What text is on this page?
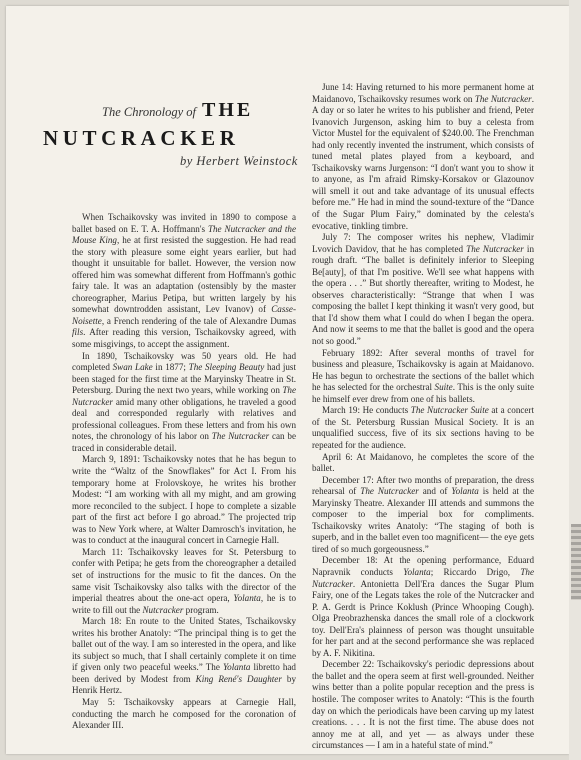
The Chronology of THE
NUTCRACKER
by Herbert Weinstock

When Tschaikovsky was invited in 1890 to compose a ballet based on E. T. A. Hoffmann's The Nutcracker and the Mouse King, he at first resisted the suggestion. He had read the story with pleasure some eight years earlier, but had thought it unsuitable for ballet. However, the version now offered him was somewhat different from Hoffmann's gothic fairy tale. It was an adaptation (ostensibly by the master choreographer, Marius Petipa, but written largely by his somewhat downtrodden assistant, Lev Ivanov) of Casse-Noisette, a French rendering of the tale of Alexandre Dumas fils. After reading this version, Tschaikovsky agreed, with some misgivings, to accept the assignment.

In 1890, Tschaikovsky was 50 years old. He had completed Swan Lake in 1877; The Sleeping Beauty had just been staged for the first time at the Maryinsky Theatre in St. Petersburg. During the next two years, while working on The Nutcracker amid many other obligations, he traveled a good deal and corresponded regularly with relatives and professional colleagues. From these letters and from his own notes, the chronology of his labor on The Nutcracker can be traced in considerable detail.

March 9, 1891: Tschaikovsky notes that he has begun to write the “Waltz of the Snowflakes” for Act I. From his temporary home at Frolovskoye, he writes his brother Modest: “I am working with all my might, and am growing more reconciled to the subject. I hope to complete a sizable part of the first act before I go abroad.” The projected trip was to New York where, at Walter Damrosch's invitation, he was to conduct at the inaugural concert in Carnegie Hall.

March 11: Tschaikovsky leaves for St. Petersburg to confer with Petipa; he gets from the choreographer a detailed set of instructions for the music to fit the dances. On the same visit Tschaikovsky also talks with the director of the imperial theatres about the one-act opera, Yolanta, he is to write to fill out the Nutcracker program.

March 18: En route to the United States, Tschaikovsky writes his brother Anatoly: “The principal thing is to get the ballet out of the way. I am so interested in the opera, and like its subject so much, that I shall certainly complete it on time if given only two peaceful weeks.” The Yolanta libretto had been derived by Modest from King René's Daughter by Henrik Hertz.

May 5: Tschaikovsky appears at Carnegie Hall, conducting the march he composed for the coronation of Alexander III.

June 14: Having returned to his more permanent home at Maidanovo, Tschaikovsky resumes work on The Nutcracker. A day or so later he writes to his publisher and friend, Peter Ivanovich Jurgenson, asking him to buy a celesta from Victor Mustel for the equivalent of $240.00. The Frenchman had only recently invented the instrument, which consists of tuned metal plates played from a keyboard, and Tschaikovsky warns Jurgenson: “I don't want you to show it to anyone, as I'm afraid Rimsky-Korsakov or Glazounov will smell it out and take advantage of its unusual effects before me.” He had in mind the sound-texture of the “Dance of the Sugar Plum Fairy,” dominated by the celesta's evocative, tinkling timbre.

July 7: The composer writes his nephew, Vladimir Lvovich Davidov, that he has completed The Nutcracker in rough draft. “The ballet is definitely inferior to Sleeping Be[auty], of that I'm positive. We'll see what happens with the opera . . .” But shortly thereafter, writing to Modest, he observes characteristically: “Strange that when I was composing the ballet I kept thinking it wasn't very good, but that I'd show them what I could do when I began the opera. And now it seems to me that the ballet is good and the opera not so good.”

February 1892: After several months of travel for business and pleasure, Tschaikovsky is again at Maidanovo. He has begun to orchestrate the sections of the ballet which he has selected for the orchestral Suite. This is the only suite he himself ever drew from one of his ballets.

March 19: He conducts The Nutcracker Suite at a concert of the St. Petersburg Russian Musical Society. It is an unqualified success, five of its six sections having to be repeated for the audience.

April 6: At Maidanovo, he completes the score of the ballet.

December 17: After two months of preparation, the dress rehearsal of The Nutcracker and of Yolanta is held at the Maryinsky Theatre. Alexander III attends and summons the composer to the imperial box for compliments. Tschaikovsky writes Anatoly: “The staging of both is superb, and in the ballet even too magnificent— the eye gets tired of so much gorgeousness.”

December 18: At the opening performance, Eduard Napravnik conducts Yolanta; Riccardo Drigo, The Nutcracker. Antonietta Dell'Era dances the Sugar Plum Fairy, one of the Legats takes the role of the Nutcracker and P. A. Gerdt is Prince Koklush (Prince Whooping Cough). Olga Preobrazhenska dances the small role of a clockwork toy. Dell'Era's plainness of person was thought unsuitable for her part and at the second performance she was replaced by A. F. Nikitina.

December 22: Tschaikovsky's periodic depressions about the ballet and the opera seem at first well-grounded. Neither wins better than a polite popular reception and the press is hostile. The composer writes to Anatoly: “This is the fourth day on which the periodicals have been carving up my latest creations. . . . It is not the first time. The abuse does not annoy me at all, and yet — as always under these circumstances — I am in a hateful state of mind.”
